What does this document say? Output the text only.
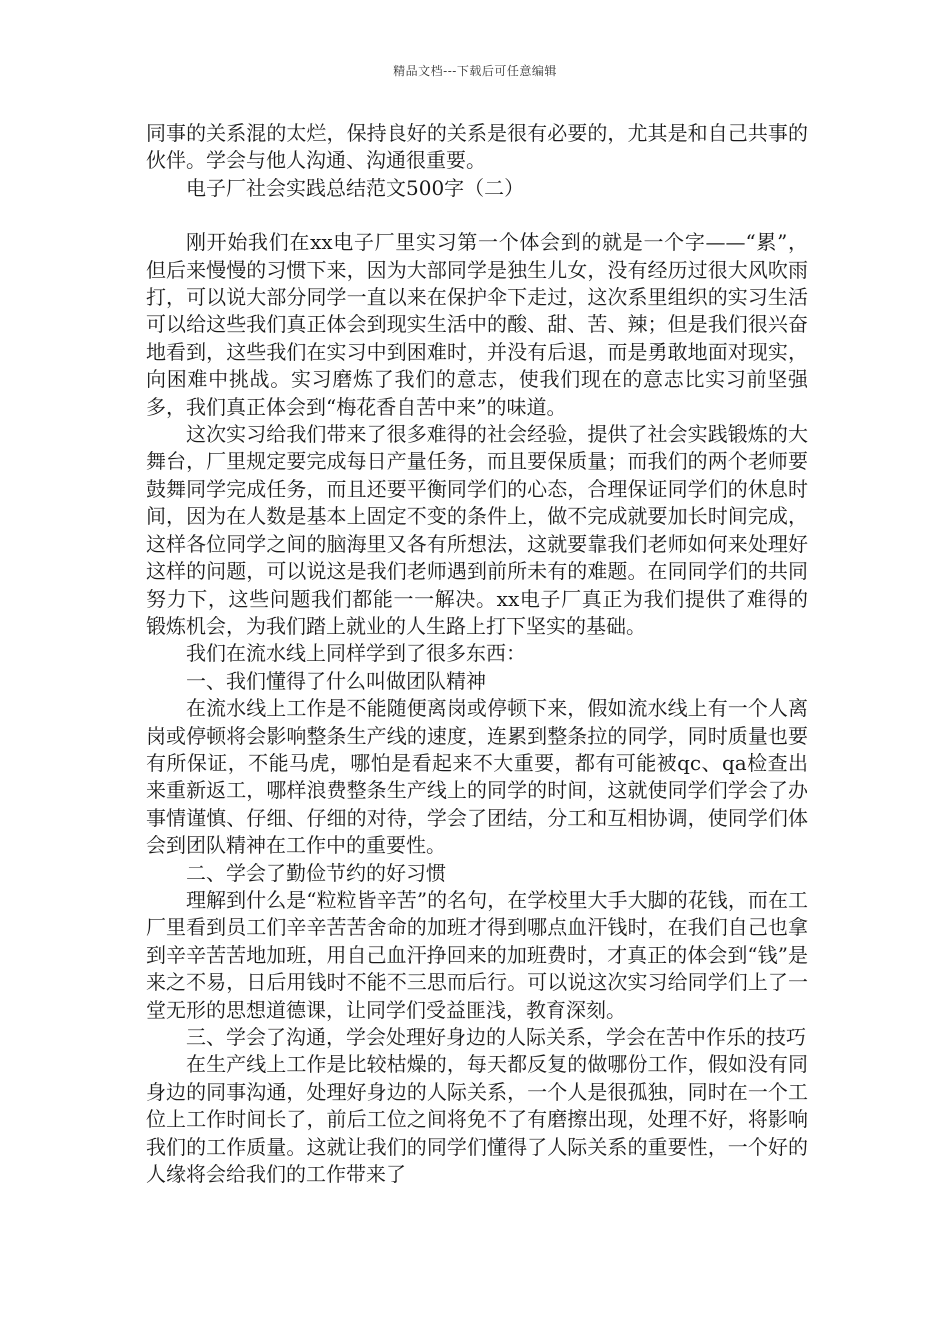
精品文档---下载后可任意编辑

同事的关系混的太烂，保持良好的关系是很有必要的，尤其是和自己共事的伙伴。学会与他人沟通、沟通很重要。

电子厂社会实践总结范文500字（二）

刚开始我们在xx电子厂里实习第一个体会到的就是一个字——“累”，但后来慢慢的习惯下来，因为大部同学是独生儿女，没有经历过很大风吹雨打，可以说大部分同学一直以来在保护伞下走过，这次系里组织的实习生活可以给这些我们真正体会到现实生活中的酸、甜、苦、辣；但是我们很兴奋地看到，这些我们在实习中到困难时，并没有后退，而是勇敢地面对现实，向困难中挑战。实习磨炼了我们的意志，使我们现在的意志比实习前坚强多，我们真正体会到“梅花香自苦中来”的味道。

这次实习给我们带来了很多难得的社会经验，提供了社会实践锻炼的大舞台，厂里规定要完成每日产量任务，而且要保质量；而我们的两个老师要鼓舞同学完成任务，而且还要平衡同学们的心态，合理保证同学们的休息时间，因为在人数是基本上固定不变的条件上，做不完成就要加长时间完成，这样各位同学之间的脑海里又各有所想法，这就要靠我们老师如何来处理好这样的问题，可以说这是我们老师遇到前所未有的难题。在同同学们的共同努力下，这些问题我们都能一一解决。xx电子厂真正为我们提供了难得的锻炼机会，为我们踏上就业的人生路上打下坚实的基础。

我们在流水线上同样学到了很多东西：

一、我们懂得了什么叫做团队精神

在流水线上工作是不能随便离岗或停顿下来，假如流水线上有一个人离岗或停顿将会影响整条生产线的速度，连累到整条拉的同学，同时质量也要有所保证，不能马虎，哪怕是看起来不大重要，都有可能被qc、qa检查出来重新返工，哪样浪费整条生产线上的同学的时间，这就使同学们学会了办事情谨慎、仔细、仔细的对待，学会了团结，分工和互相协调，使同学们体会到团队精神在工作中的重要性。

二、学会了勤俭节约的好习惯

理解到什么是“粒粒皆辛苦”的名句，在学校里大手大脚的花钱，而在工厂里看到员工们辛辛苦苦舍命的加班才得到哪点血汗钱时，在我们自己也拿到辛辛苦苦地加班，用自己血汗挣回来的加班费时，才真正的体会到“钱”是来之不易，日后用钱时不能不三思而后行。可以说这次实习给同学们上了一堂无形的思想道德课，让同学们受益匪浅，教育深刻。

三、学会了沟通，学会处理好身边的人际关系，学会在苦中作乐的技巧

在生产线上工作是比较枯燥的，每天都反复的做哪份工作，假如没有同身边的同事沟通，处理好身边的人际关系，一个人是很孤独，同时在一个工位上工作时间长了，前后工位之间将免不了有磨擦出现，处理不好，将影响我们的工作质量。这就让我们的同学们懂得了人际关系的重要性，一个好的人缘将会给我们的工作带来了
